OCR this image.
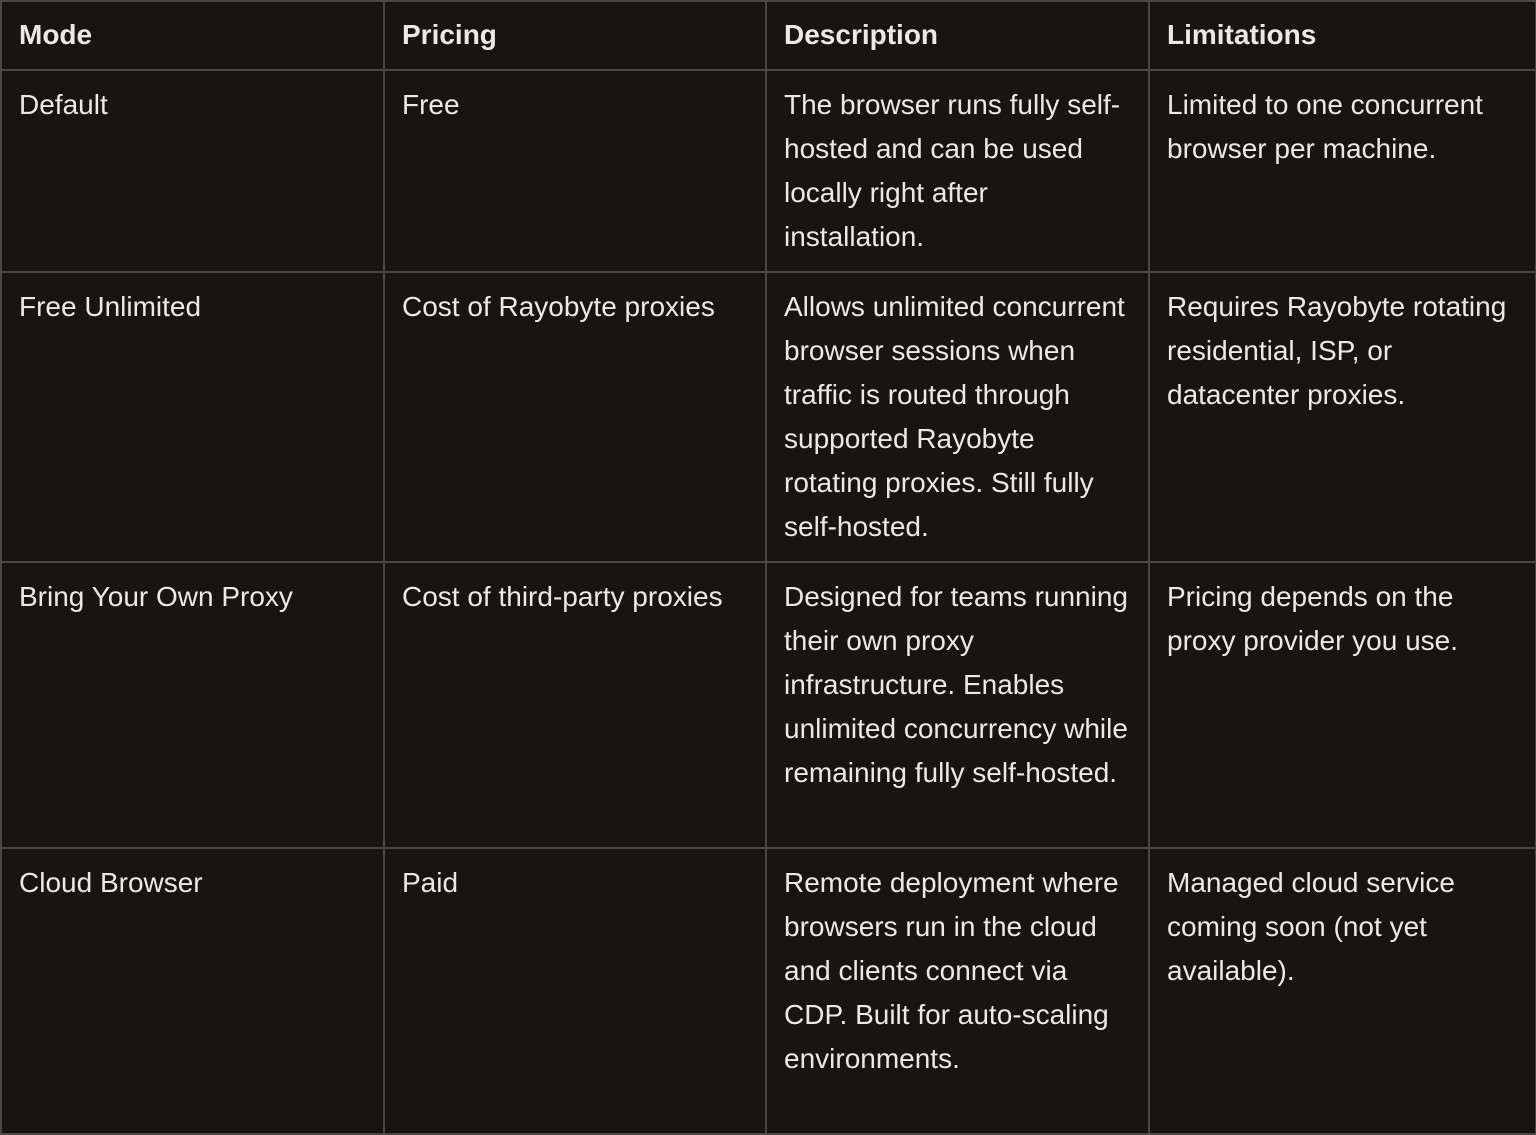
Mode	Pricing	Description	Limitations
Default	Free	The browser runs fully self-hosted and can be used locally right after installation.	Limited to one concurrent browser per machine.
Free Unlimited	Cost of Rayobyte proxies	Allows unlimited concurrent browser sessions when traffic is routed through supported Rayobyte rotating proxies. Still fully self-hosted.	Requires Rayobyte rotating residential, ISP, or datacenter proxies.
Bring Your Own Proxy	Cost of third-party proxies	Designed for teams running their own proxy infrastructure. Enables unlimited concurrency while remaining fully self-hosted.	Pricing depends on the proxy provider you use.
Cloud Browser	Paid	Remote deployment where browsers run in the cloud and clients connect via CDP. Built for auto-scaling environments.	Managed cloud service coming soon (not yet available).
